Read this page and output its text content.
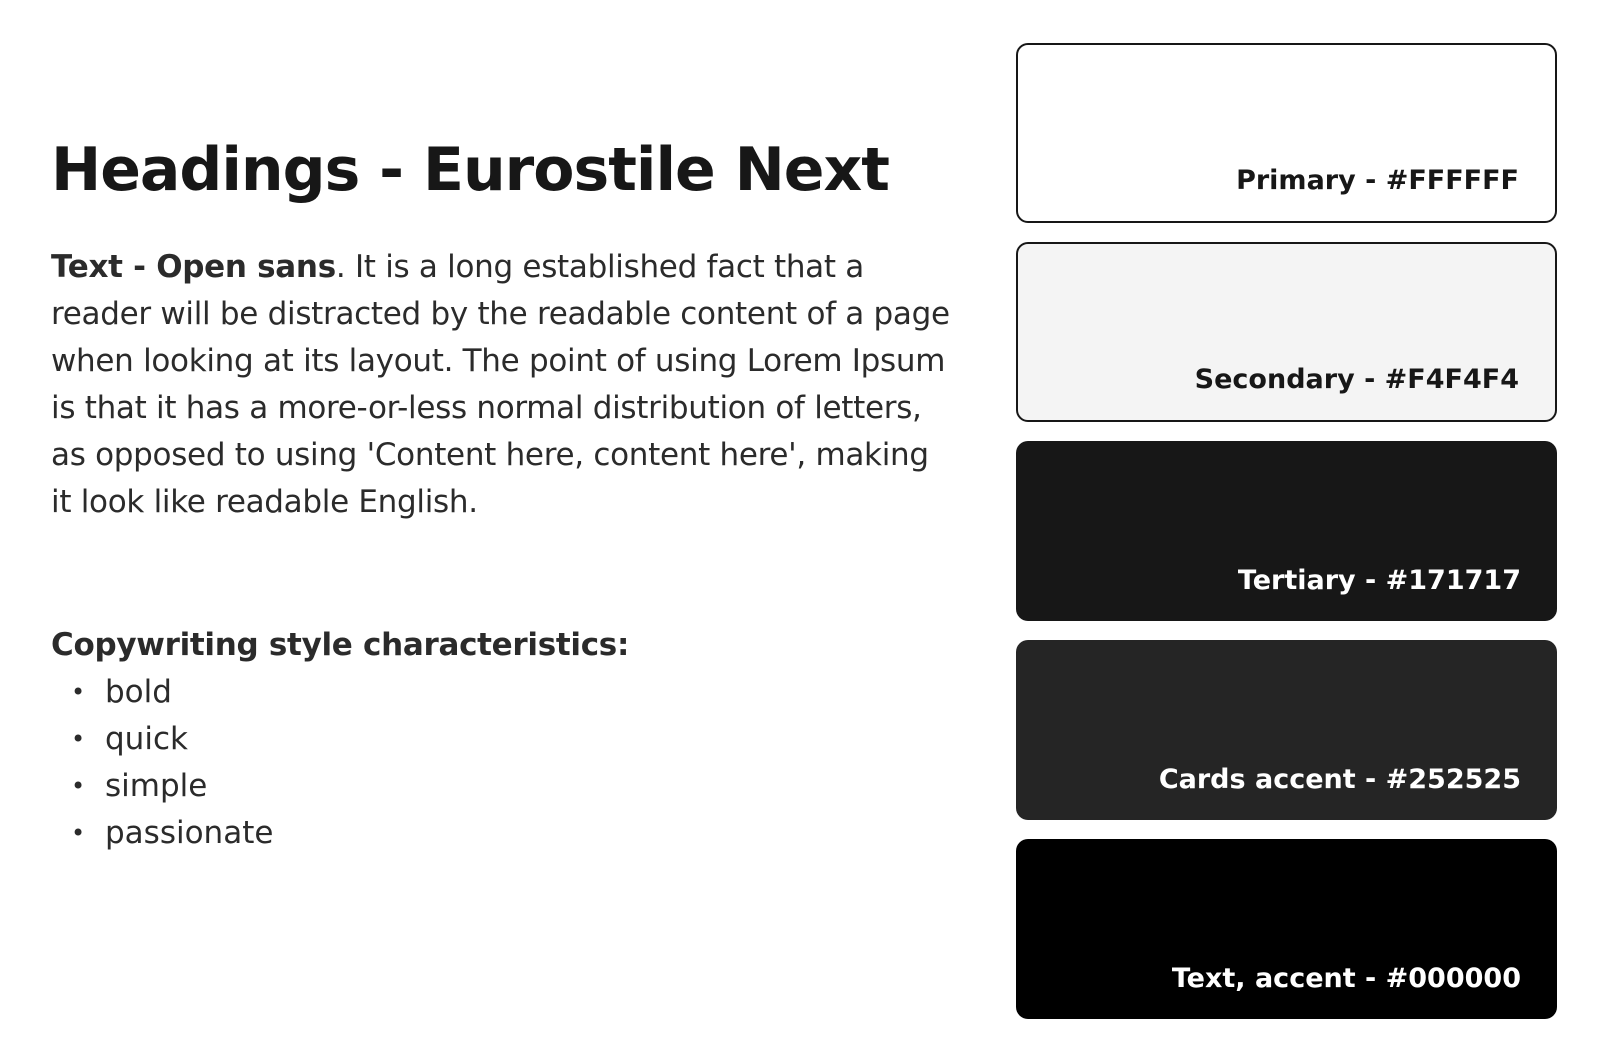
Headings - Eurostile Next

Text - Open sans. It is a long established fact that a reader will be distracted by the readable content of a page when looking at its layout. The point of using Lorem Ipsum is that it has a more-or-less normal distribution of letters, as opposed to using 'Content here, content here', making it look like readable English.

Copywriting style characteristics:
• bold
• quick
• simple
• passionate
Primary - #FFFFFF
Secondary - #F4F4F4
Tertiary - #171717
Cards accent - #252525
Text, accent - #000000
